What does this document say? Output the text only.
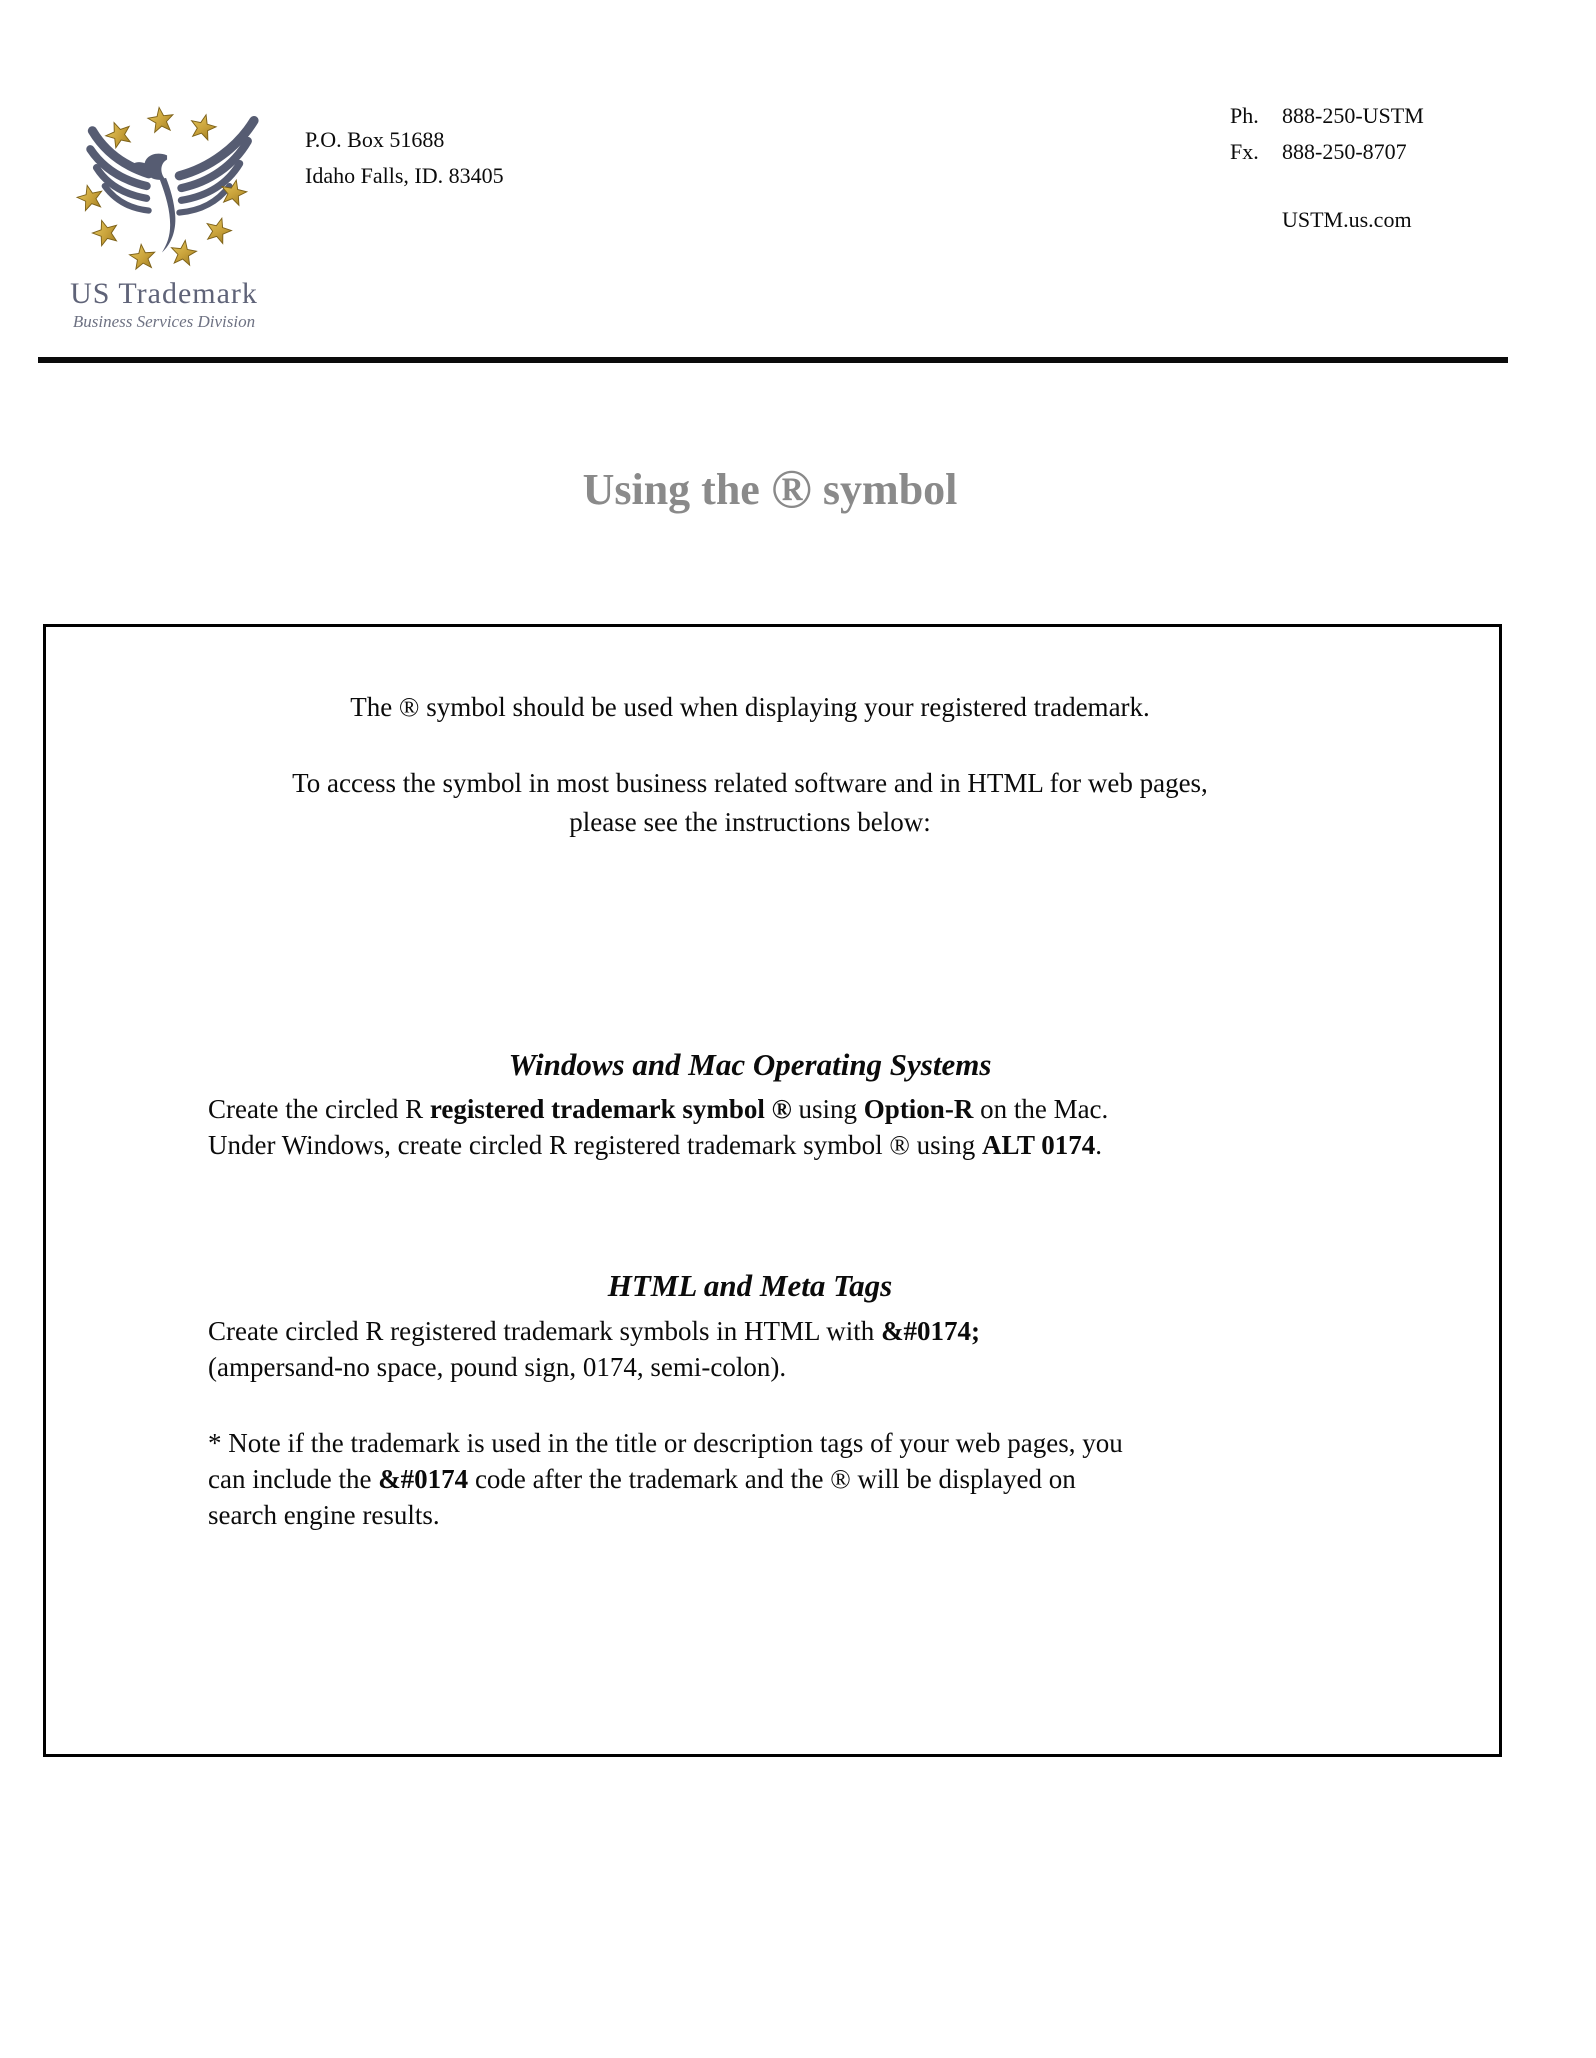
US Trademark
Business Services Division
P.O. Box 51688
Idaho Falls, ID. 83405
Ph.	888-250-USTM
Fx.	888-250-8707
USTM.us.com
Using the ® symbol

The ® symbol should be used when displaying your registered trademark.

To access the symbol in most business related software and in HTML for web pages,
please see the instructions below:

Windows and Mac Operating Systems

Create the circled R registered trademark symbol ® using Option-R on the Mac.
Under Windows, create circled R registered trademark symbol ® using ALT 0174.

HTML and Meta Tags

Create circled R registered trademark symbols in HTML with &#0174;
(ampersand-no space, pound sign, 0174, semi-colon).

* Note if the trademark is used in the title or description tags of your web pages, you
can include the &#0174 code after the trademark and the ® will be displayed on
search engine results.
